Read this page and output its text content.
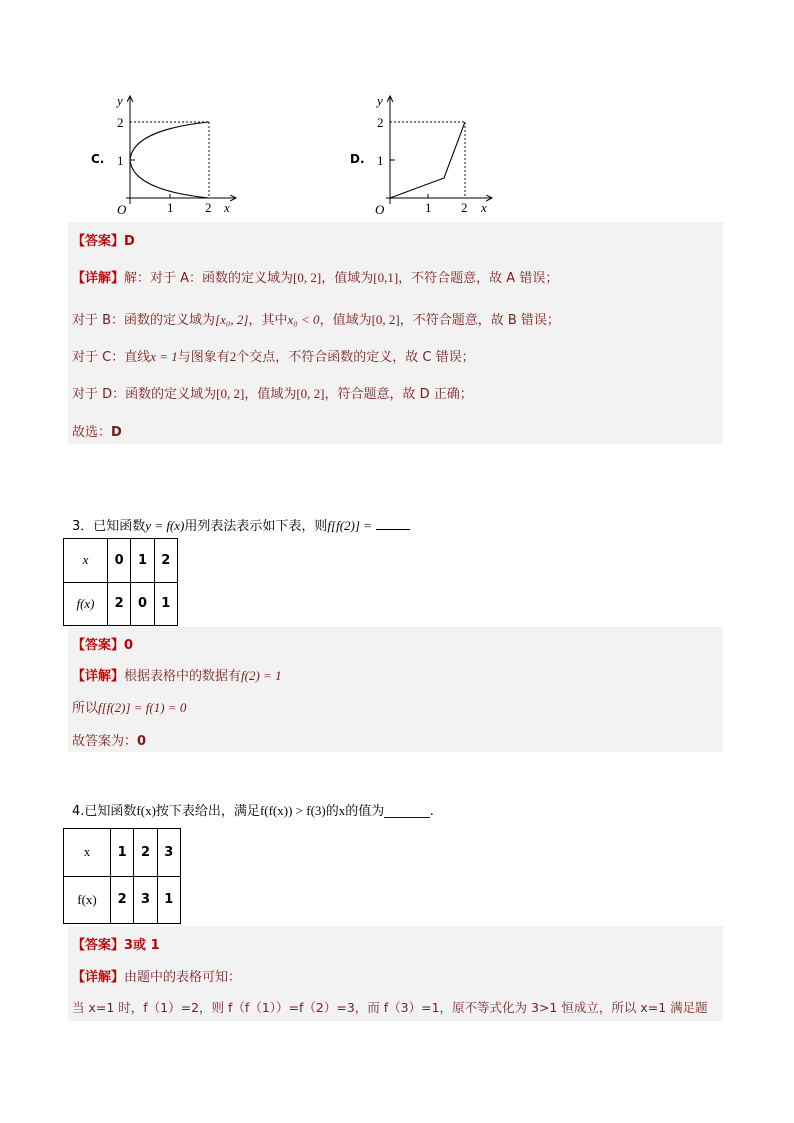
C.
y
2
1
O	1 2 x
D.
y
2
1
O	1 2 x
【答案】D
【详解】解：对于 A：函数的定义域为[0, 2]，值域为[0,1]，不符合题意，故 A 错误；
对于 B：函数的定义域为[x₀, 2]，其中x₀ < 0，值域为[0, 2]，不符合题意，故 B 错误；
对于 C：直线x = 1与图象有2个交点，不符合函数的定义，故 C 错误；
对于 D：函数的定义域为[0, 2]，值域为[0, 2]，符合题意，故 D 正确；
故选：D
3．已知函数y = f(x)用列表法表示如下表，则f[f(2)] =
x	0	1	2
f(x)	2	0	1
【答案】0
【详解】根据表格中的数据有f(2) = 1
所以f[f(2)] = f(1) = 0
故答案为：0
4.已知函数f(x)按下表给出，满足f(f(x)) > f(3)的x的值为_______.
x	1	2	3
f(x)	2	3	1
【答案】3或 1
【详解】由题中的表格可知：
当 x=1 时，f（1）=2，则 f（f（1））=f（2）=3，而 f（3）=1，原不等式化为 3>1 恒成立，所以 x=1 满足题
